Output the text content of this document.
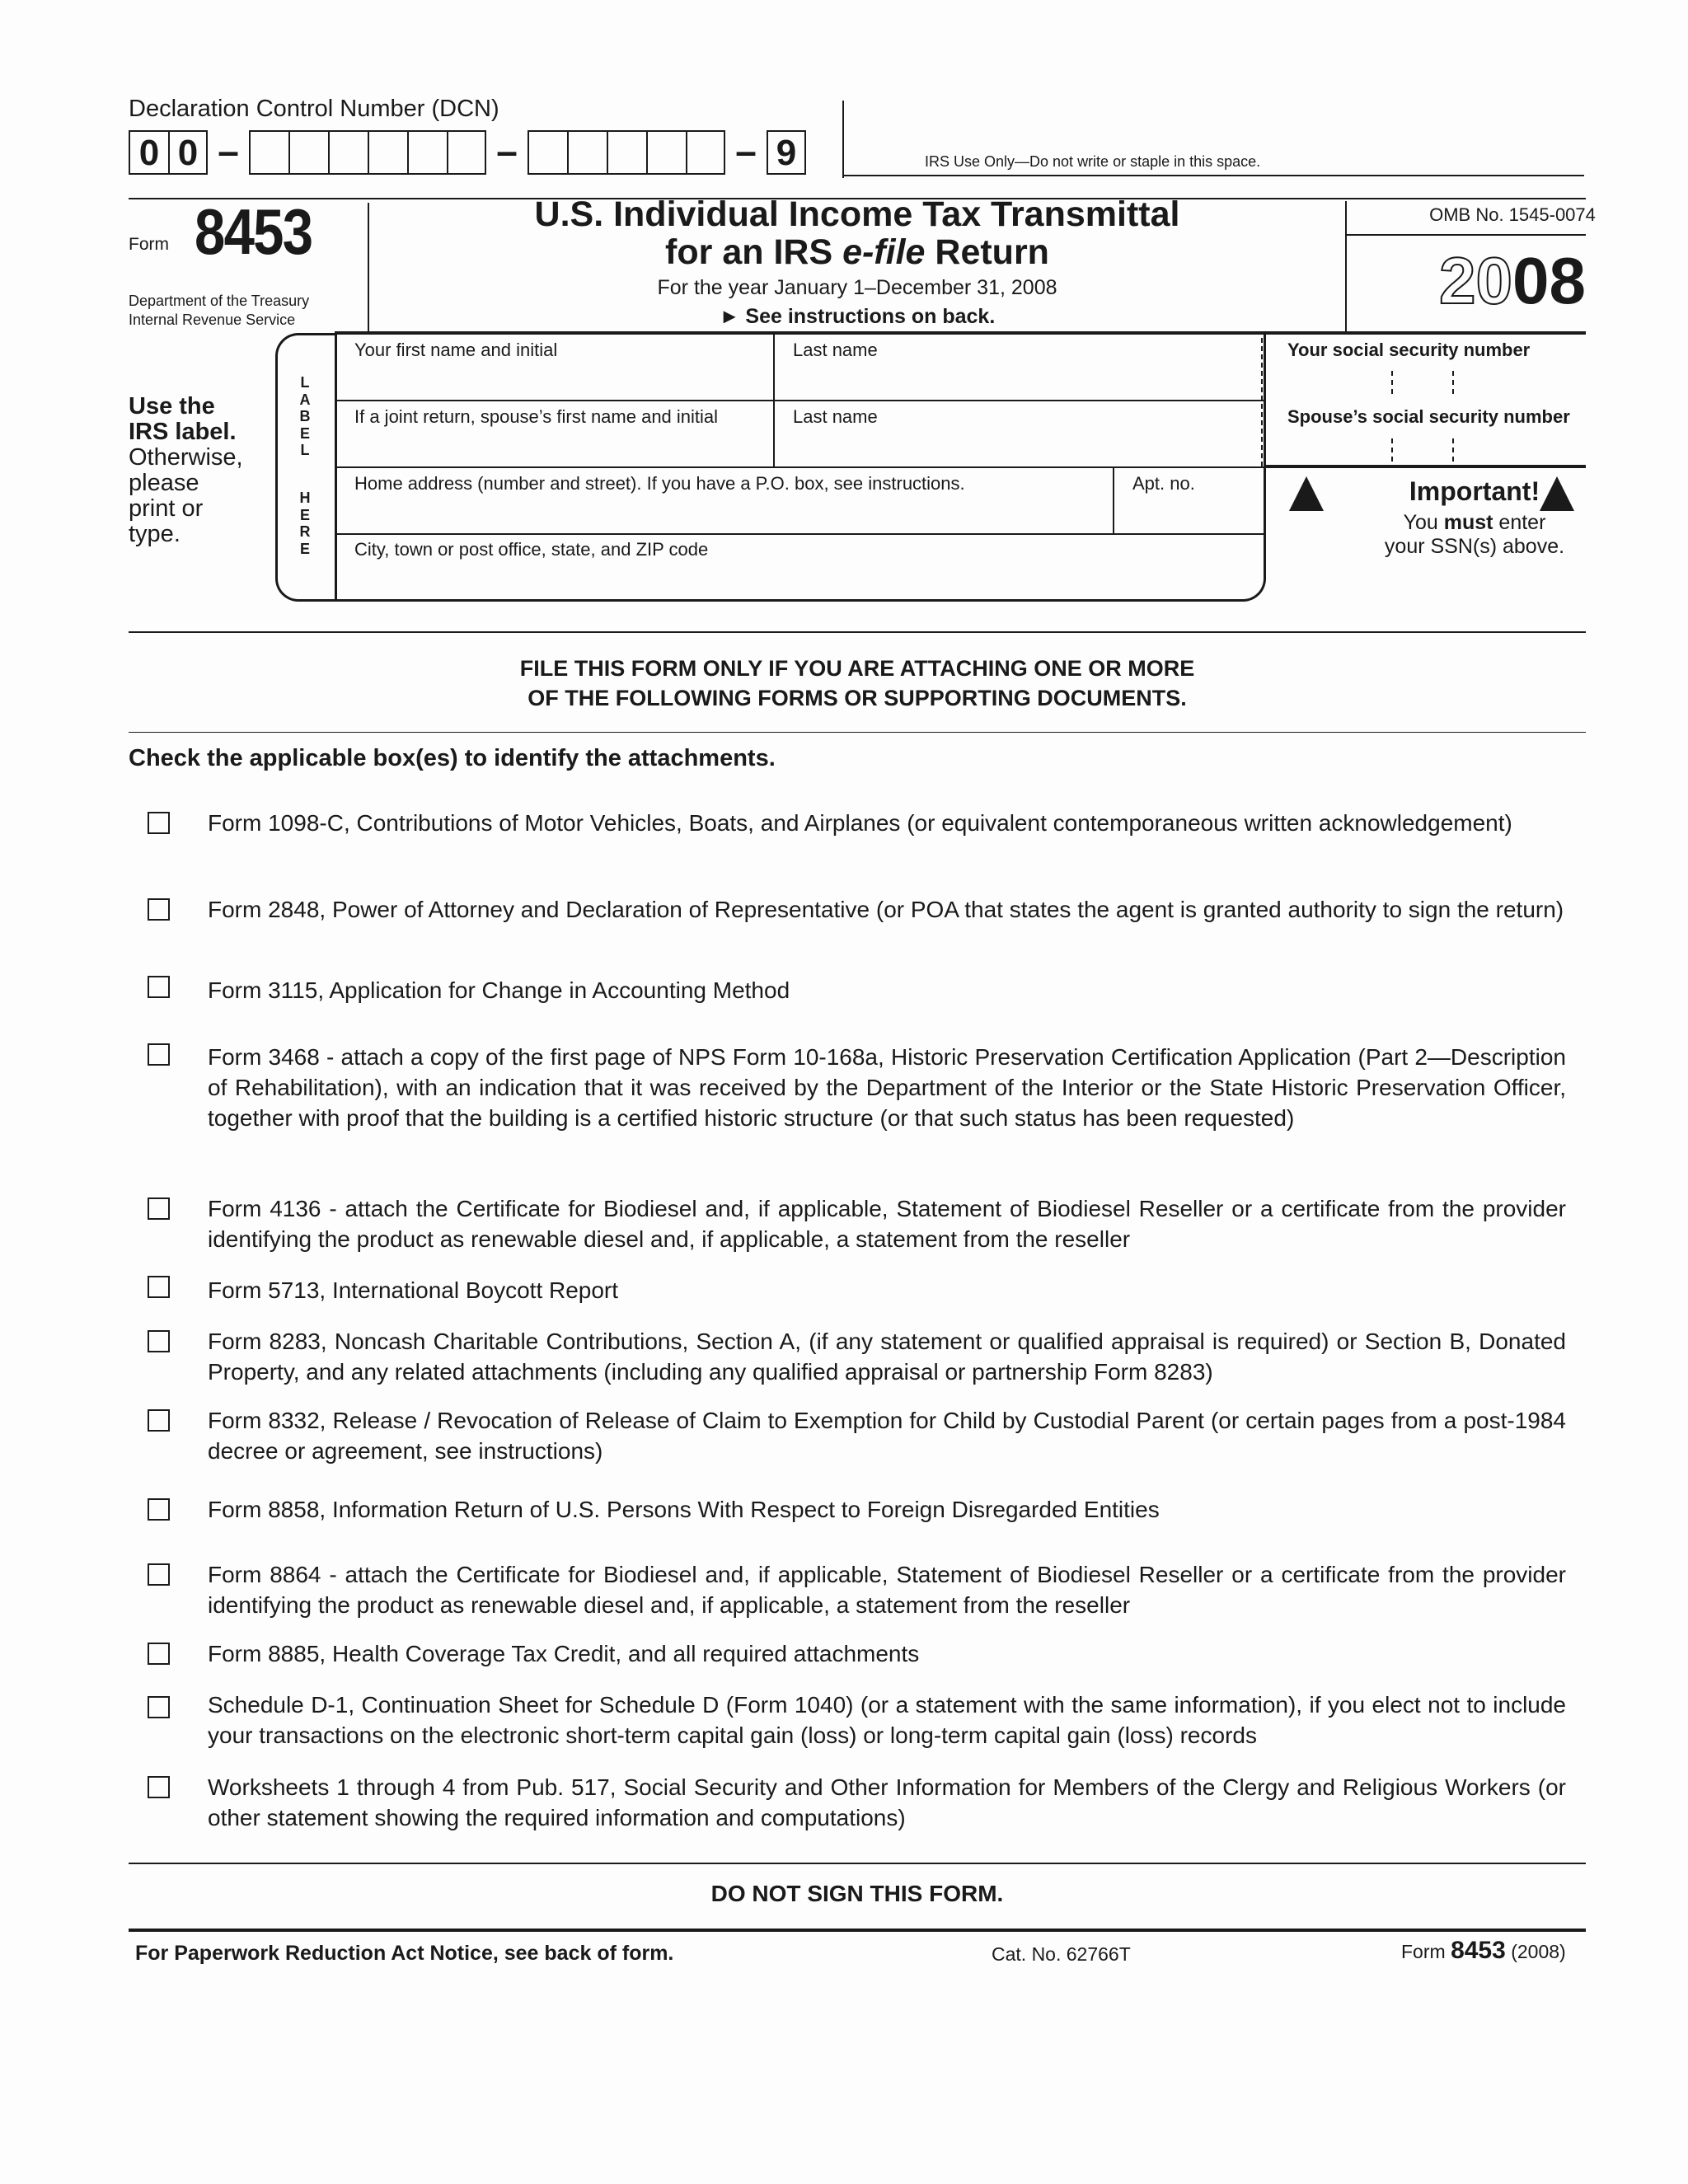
Declaration Control Number (DCN)
0 0 –	–	– 9	IRS Use Only—Do not write or staple in this space.
Form 8453
Department of the Treasury
Internal Revenue Service
U.S. Individual Income Tax Transmittal
for an IRS e-file Return
For the year January 1–December 31, 2008
► See instructions on back.
OMB No. 1545-0074
2008
Use the
IRS label.
Otherwise,
please
print or
type.
L
A
B
E
L
H
E
R
E
Your first name and initial	Last name
If a joint return, spouse’s first name and initial	Last name
Home address (number and street). If you have a P.O. box, see instructions.	Apt. no.
City, town or post office, state, and ZIP code
Your social security number
Spouse’s social security number
Important!
You must enter
your SSN(s) above.
FILE THIS FORM ONLY IF YOU ARE ATTACHING ONE OR MORE
OF THE FOLLOWING FORMS OR SUPPORTING DOCUMENTS.
Check the applicable box(es) to identify the attachments.
Form 1098-C, Contributions of Motor Vehicles, Boats, and Airplanes (or equivalent contemporaneous written acknowledgement)
Form 2848, Power of Attorney and Declaration of Representative (or POA that states the agent is granted authority to sign the return)
Form 3115, Application for Change in Accounting Method
Form 3468 - attach a copy of the first page of NPS Form 10-168a, Historic Preservation Certification Application (Part 2—Description of Rehabilitation), with an indication that it was received by the Department of the Interior or the State Historic Preservation Officer, together with proof that the building is a certified historic structure (or that such status has been requested)
Form 4136 - attach the Certificate for Biodiesel and, if applicable, Statement of Biodiesel Reseller or a certificate from the provider identifying the product as renewable diesel and, if applicable, a statement from the reseller
Form 5713, International Boycott Report
Form 8283, Noncash Charitable Contributions, Section A, (if any statement or qualified appraisal is required) or Section B, Donated Property, and any related attachments (including any qualified appraisal or partnership Form 8283)
Form 8332, Release / Revocation of Release of Claim to Exemption for Child by Custodial Parent (or certain pages from a post-1984 decree or agreement, see instructions)
Form 8858, Information Return of U.S. Persons With Respect to Foreign Disregarded Entities
Form 8864 - attach the Certificate for Biodiesel and, if applicable, Statement of Biodiesel Reseller or a certificate from the provider identifying the product as renewable diesel and, if applicable, a statement from the reseller
Form 8885, Health Coverage Tax Credit, and all required attachments
Schedule D-1, Continuation Sheet for Schedule D (Form 1040) (or a statement with the same information), if you elect not to include your transactions on the electronic short-term capital gain (loss) or long-term capital gain (loss) records
Worksheets 1 through 4 from Pub. 517, Social Security and Other Information for Members of the Clergy and Religious Workers (or other statement showing the required information and computations)
DO NOT SIGN THIS FORM.
For Paperwork Reduction Act Notice, see back of form.	Cat. No. 62766T	Form 8453 (2008)
